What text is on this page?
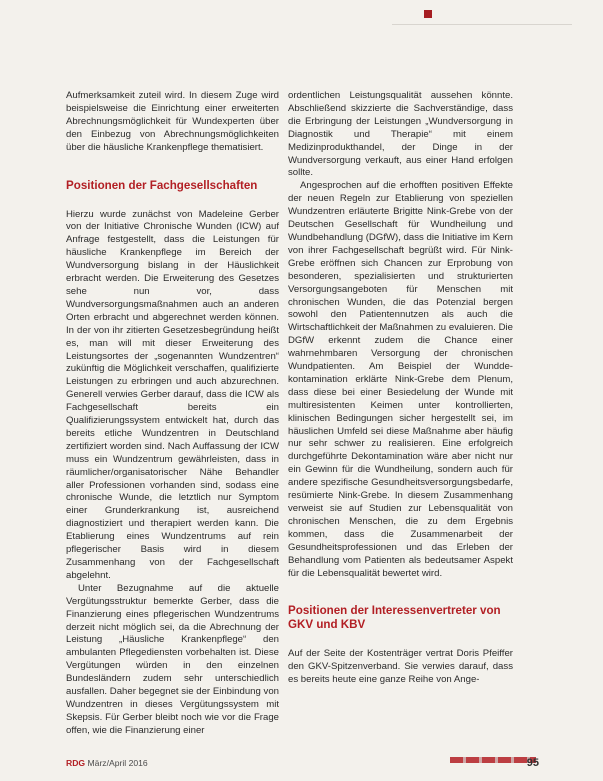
Aufmerksamkeit zuteil wird. In diesem Zuge wird beispielsweise die Einrichtung einer erweiterten Abrechnungsmöglichkeit für Wundexperten über den Einbezug von Abrechnungsmöglichkeiten über die häusliche Krankenpflege thematisiert.

Positionen der Fachgesellschaften

Hierzu wurde zunächst von Madeleine Gerber von der Initiative Chronische Wunden (ICW) auf Anfrage festgestellt, dass die Leistungen für häusliche Krankenpflege im Bereich der Wundversorgung bislang in der Häuslichkeit erbracht werden. Die Erweiterung des Gesetzes sehe nun vor, dass Wundversorgungsmaßnahmen auch an anderen Orten erbracht und abgerechnet werden können. In der von ihr zitierten Gesetzesbegründung heißt es, man will mit dieser Erweiterung des Leistungsortes der „sogenannten Wundzentren“ zukünftig die Möglichkeit verschaffen, qualifizierte Leistungen zu erbringen und auch abzurechnen. Generell verwies Gerber darauf, dass die ICW als Fachgesellschaft bereits ein Qualifizierungssystem entwickelt hat, durch das bereits etliche Wundzentren in Deutschland zertifiziert worden sind. Nach Auffassung der ICW muss ein Wundzentrum gewährleisten, dass in räumlicher/organisatorischer Nähe Behandler aller Professionen vorhanden sind, sodass eine chronische Wunde, die letztlich nur Symptom einer Grunderkrankung ist, ausreichend diagnostiziert und therapiert werden kann. Die Etablierung eines Wundzentrums auf rein pflegerischer Basis wird in diesem Zusammenhang von der Fachgesellschaft abgelehnt.

Unter Bezugnahme auf die aktuelle Vergütungsstruktur bemerkte Gerber, dass die Finanzierung eines pflegerischen Wundzentrums derzeit nicht möglich sei, da die Abrechnung der Leistung „Häusliche Krankenpflege“ den ambulanten Pflegediensten vorbehalten ist. Diese Vergütungen würden in den einzelnen Bundesländern zudem sehr unterschiedlich ausfallen. Daher begegnet sie der Einbindung von Wundzentren in dieses Vergütungssystem mit Skepsis. Für Gerber bleibt noch wie vor die Frage offen, wie die Finanzierung einer

ordentlichen Leistungsqualität aussehen könnte. Abschließend skizzierte die Sachverständige, dass die Erbringung der Leistungen „Wundversorgung in Diagnostik und Therapie“ mit einem Medizinprodukthandel, der Dinge in der Wundversorgung verkauft, aus einer Hand erfolgen sollte.

Angesprochen auf die erhofften positiven Effekte der neuen Regeln zur Etablierung von speziellen Wundzentren erläuterte Brigitte Nink-Grebe von der Deutschen Gesellschaft für Wundheilung und Wundbehandlung (DGfW), dass die Initiative im Kern von ihrer Fachgesellschaft begrüßt wird. Für Nink-Grebe eröffnen sich Chancen zur Erprobung von besonderen, spezialisierten und strukturierten Versorgungsangeboten für Menschen mit chronischen Wunden, die das Potenzial bergen sowohl den Patientennutzen als auch die Wirtschaftlichkeit der Maßnahmen zu evaluieren. Die DGfW erkennt zudem die Chance einer wahrnehmbaren Versorgung der chronischen Wundpatienten. Am Beispiel der Wunddekontamination erklärte Nink-Grebe dem Plenum, dass diese bei einer Besiedelung der Wunde mit multiresistenten Keimen unter kontrollierten, klinischen Bedingungen sicher hergestellt sei, im häuslichen Umfeld sei diese Maßnahme aber häufig nur sehr schwer zu realisieren. Eine erfolgreich durchgeführte Dekontamination wäre aber nicht nur ein Gewinn für die Wundheilung, sondern auch für andere spezifische Gesundheitsversorgungsbedarfe, resümierte Nink-Grebe. In diesem Zusammenhang verweist sie auf Studien zur Lebensqualität von chronischen Menschen, die zu dem Ergebnis kommen, dass die Zusammenarbeit der Gesundheitsprofessionen und das Erleben der Behandlung vom Patienten als bedeutsamer Aspekt für die Lebensqualität bewertet wird.

Positionen der Interessenvertreter von GKV und KBV

Auf der Seite der Kostenträger vertrat Doris Pfeiffer den GKV-Spitzenverband. Sie verwies darauf, dass es bereits heute eine ganze Reihe von Ange-

RDG März/April 2016	95
